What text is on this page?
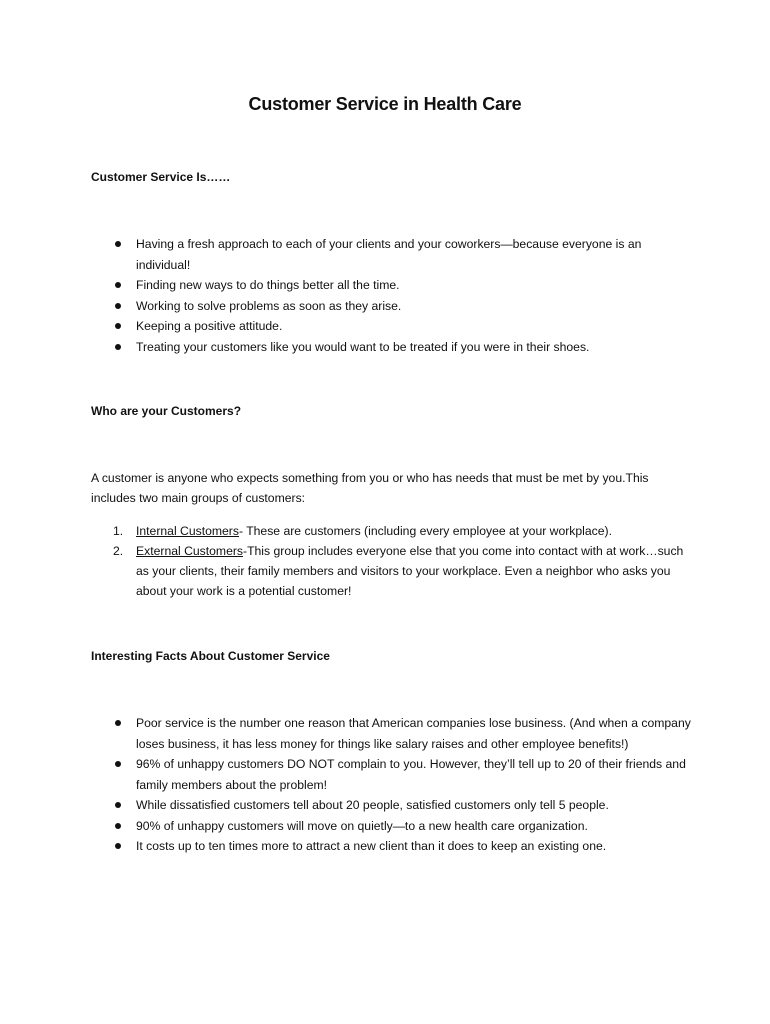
Customer Service in Health Care
Customer Service Is……
Having a fresh approach to each of your clients and your coworkers—because everyone is an individual!
Finding new ways to do things better all the time.
Working to solve problems as soon as they arise.
Keeping a positive attitude.
Treating your customers like you would want to be treated if you were in their shoes.
Who are your Customers?
A customer is anyone who expects something from you or who has needs that must be met by you.This includes two main groups of customers:
1. Internal Customers- These are customers (including every employee at your workplace).
2. External Customers-This group includes everyone else that you come into contact with at work…such as your clients, their family members and visitors to your workplace. Even a neighbor who asks you about your work is a potential customer!
Interesting Facts About Customer Service
Poor service is the number one reason that American companies lose business. (And when a company loses business, it has less money for things like salary raises and other employee benefits!)
96% of unhappy customers DO NOT complain to you. However, they’ll tell up to 20 of their friends and family members about the problem!
While dissatisfied customers tell about 20 people, satisfied customers only tell 5 people.
90% of unhappy customers will move on quietly—to a new health care organization.
It costs up to ten times more to attract a new client than it does to keep an existing one.
